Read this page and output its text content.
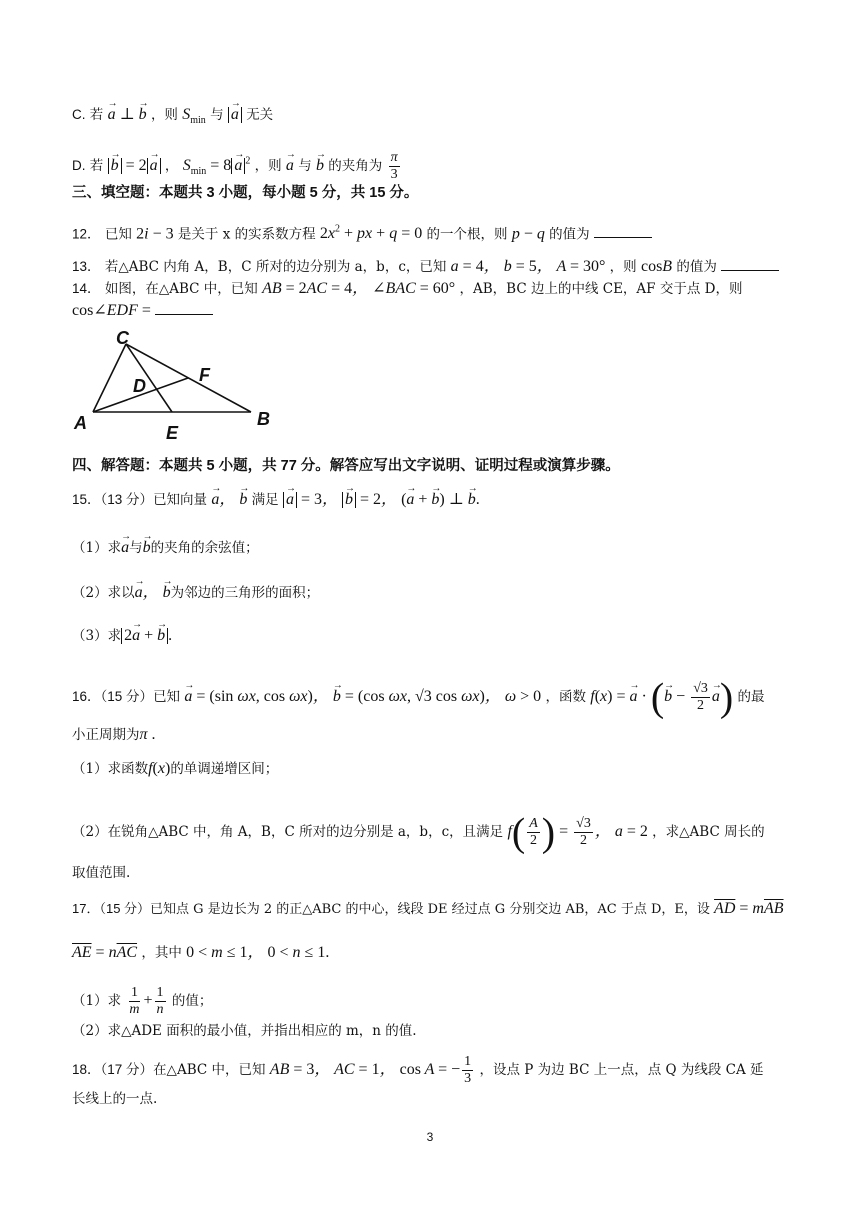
C. 若 → a ⊥ → b ，则 $S_{min}$ 与 → a 无关
D. 若 → b = 2 → a ， $S_{min} = 8 \to a$ $^2$ ，则 → a 与 → b 的夹角为 $\frac{\pi}{3}$
三、填空题：本题共 3 小题，每小题 5 分，共 15 分。
12． 已知 2i − 3 是关于 x 的实系数方程 $2x^2$ + px + q = 0 的一个根，则 p − q 的值为
13． 若△ABC 内角 A，B，C 所对的边分别为 a，b，c，已知 a = 4， b = 5， A = 30° ，则 cosB 的值为
14． 如图，在△ABC 中，已知 AB = 2AC = 4， ∠BAC = 60° ，AB，BC 边上的中线 CE，AF 交于点 D，则
cos∠EDF =
C
D
F
A	E
B
四、解答题：本题共 5 小题，共 77 分。解答应写出文字说明、证明过程或演算步骤。
15．（13 分）已知向量 → a， → b 满足 → a = 3， → b = 2， (→ a + → b) ⊥ → b.
（1）求→ a与→ b的夹角的余弦值；
（2）求以→ a， → b为邻边的三角形的面积；
（3）求 2→ a + → b .
16．（15 分）已知 → a = (sin ωx, cos ωx)， → b = (cos ωx, √3 cos ωx)， ω > 0 ，函数 f(x) = → a · (→ $b - \frac{√3}{2} \to a$) 的最
小正周期为π .
（1）求函数f(x)的单调递增区间；
（2）在锐角△ABC 中，角 A，B，C 所对的边分别是 a，b，c，且满足 $f( \frac{A}{2}$ ) = $\frac{√3}{2}$ ， a = 2 ，求△ABC 周长的
取值范围.
17．（15 分）已知点 G 是边长为 2 的正△ABC 的中心，线段 DE 经过点 G 分别交边 AB，AC 于点 D，E，设 $\overline{AD} = m\overline{AB}$
$\overline{AE} = n\overline{AC}$ ，其中 0 < m ≤ 1， 0 < n ≤ 1.
（1）求 $\frac{1}{m} + \frac{1}{n}$ 的值；
（2）求△ADE 面积的最小值，并指出相应的 m，n 的值.
18．（17 分）在△ABC 中，已知 AB = 3， AC = 1， cos A = − $\frac{1}{3}$ ，设点 P 为边 BC 上一点，点 Q 为线段 CA 延
长线上的一点.
3
